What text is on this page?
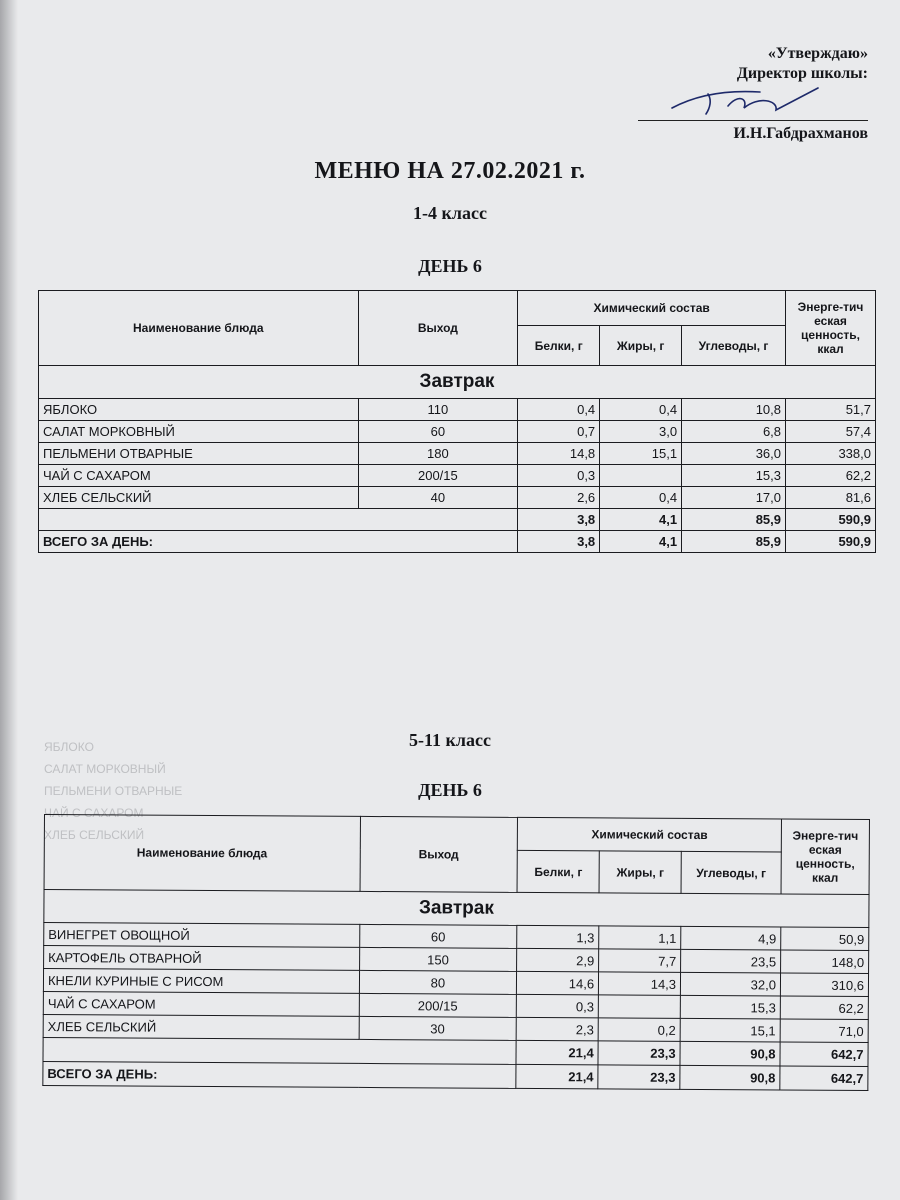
ЯБЛОКО
САЛАТ МОРКОВНЫЙ
ПЕЛЬМЕНИ ОТВАРНЫЕ
ЧАЙ С САХАРОМ
ХЛЕБ СЕЛЬСКИЙ
«Утверждаю»
Директор школы:
И.Н.Габдрахманов
МЕНЮ НА 27.02.2021 г.
1-4 класс
ДЕНЬ 6
Наименование блюда	Выход	Химический состав			Энерге-тич еская ценность, ккал
		Белки, г	Жиры, г	Углеводы, г	
Завтрак					
ЯБЛОКО	110	0,4	0,4	10,8	51,7
САЛАТ МОРКОВНЫЙ	60	0,7	3,0	6,8	57,4
ПЕЛЬМЕНИ ОТВАРНЫЕ	180	14,8	15,1	36,0	338,0
ЧАЙ С САХАРОМ	200/15	0,3		15,3	62,2
ХЛЕБ СЕЛЬСКИЙ	40	2,6	0,4	17,0	81,6
		3,8	4,1	85,9	590,9
ВСЕГО ЗА ДЕНЬ:		3,8	4,1	85,9	590,9
5-11 класс
ДЕНЬ 6
Наименование блюда	Выход	Химический состав			Энерге-тич еская ценность, ккал
		Белки, г	Жиры, г	Углеводы, г	
Завтрак					
ВИНЕГРЕТ ОВОЩНОЙ	60	1,3	1,1	4,9	50,9
КАРТОФЕЛЬ ОТВАРНОЙ	150	2,9	7,7	23,5	148,0
КНЕЛИ КУРИНЫЕ С РИСОМ	80	14,6	14,3	32,0	310,6
ЧАЙ С САХАРОМ	200/15	0,3		15,3	62,2
ХЛЕБ СЕЛЬСКИЙ	30	2,3	0,2	15,1	71,0
		21,4	23,3	90,8	642,7
ВСЕГО ЗА ДЕНЬ:		21,4	23,3	90,8	642,7
